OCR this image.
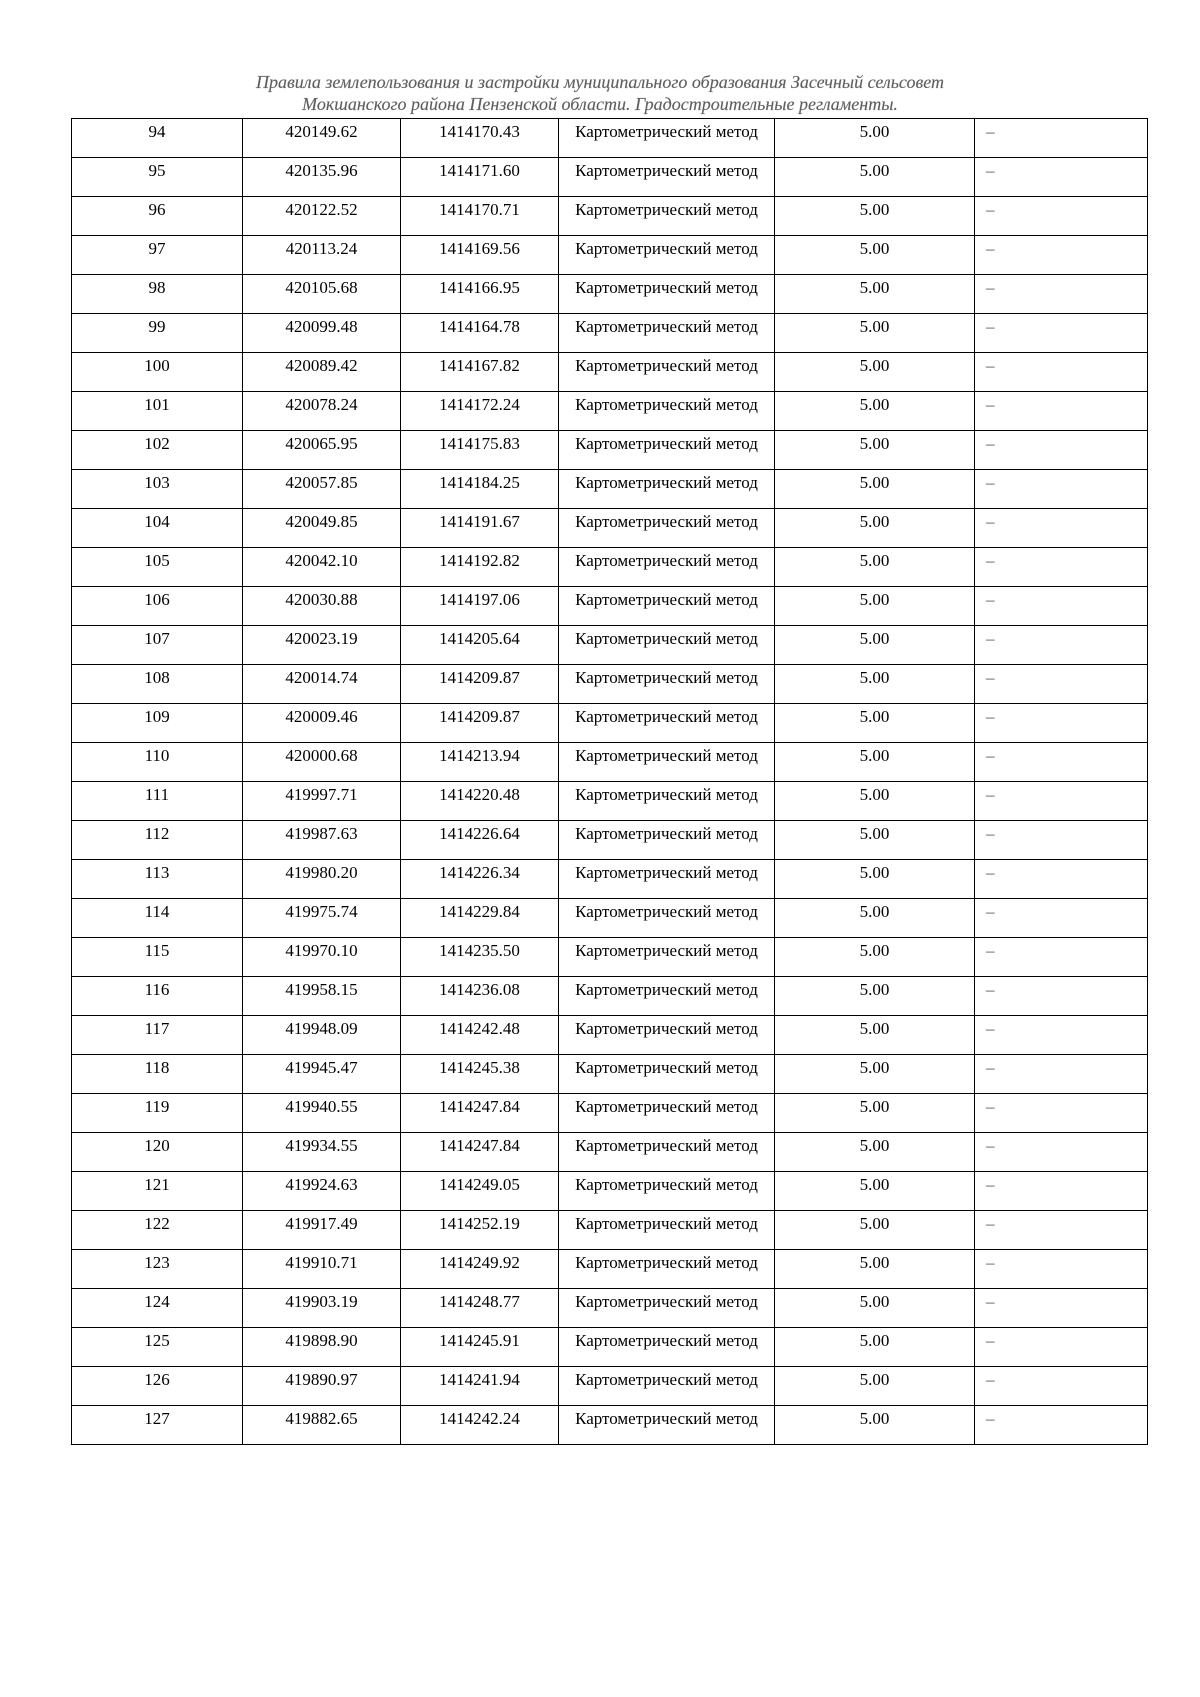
Правила землепользования и застройки муниципального образования Засечный сельсовет
Мокшанского района Пензенской области. Градостроительные регламенты.
94	420149.62	1414170.43	Картометрический метод	5.00	–
95	420135.96	1414171.60	Картометрический метод	5.00	–
96	420122.52	1414170.71	Картометрический метод	5.00	–
97	420113.24	1414169.56	Картометрический метод	5.00	–
98	420105.68	1414166.95	Картометрический метод	5.00	–
99	420099.48	1414164.78	Картометрический метод	5.00	–
100	420089.42	1414167.82	Картометрический метод	5.00	–
101	420078.24	1414172.24	Картометрический метод	5.00	–
102	420065.95	1414175.83	Картометрический метод	5.00	–
103	420057.85	1414184.25	Картометрический метод	5.00	–
104	420049.85	1414191.67	Картометрический метод	5.00	–
105	420042.10	1414192.82	Картометрический метод	5.00	–
106	420030.88	1414197.06	Картометрический метод	5.00	–
107	420023.19	1414205.64	Картометрический метод	5.00	–
108	420014.74	1414209.87	Картометрический метод	5.00	–
109	420009.46	1414209.87	Картометрический метод	5.00	–
110	420000.68	1414213.94	Картометрический метод	5.00	–
111	419997.71	1414220.48	Картометрический метод	5.00	–
112	419987.63	1414226.64	Картометрический метод	5.00	–
113	419980.20	1414226.34	Картометрический метод	5.00	–
114	419975.74	1414229.84	Картометрический метод	5.00	–
115	419970.10	1414235.50	Картометрический метод	5.00	–
116	419958.15	1414236.08	Картометрический метод	5.00	–
117	419948.09	1414242.48	Картометрический метод	5.00	–
118	419945.47	1414245.38	Картометрический метод	5.00	–
119	419940.55	1414247.84	Картометрический метод	5.00	–
120	419934.55	1414247.84	Картометрический метод	5.00	–
121	419924.63	1414249.05	Картометрический метод	5.00	–
122	419917.49	1414252.19	Картометрический метод	5.00	–
123	419910.71	1414249.92	Картометрический метод	5.00	–
124	419903.19	1414248.77	Картометрический метод	5.00	–
125	419898.90	1414245.91	Картометрический метод	5.00	–
126	419890.97	1414241.94	Картометрический метод	5.00	–
127	419882.65	1414242.24	Картометрический метод	5.00	–
